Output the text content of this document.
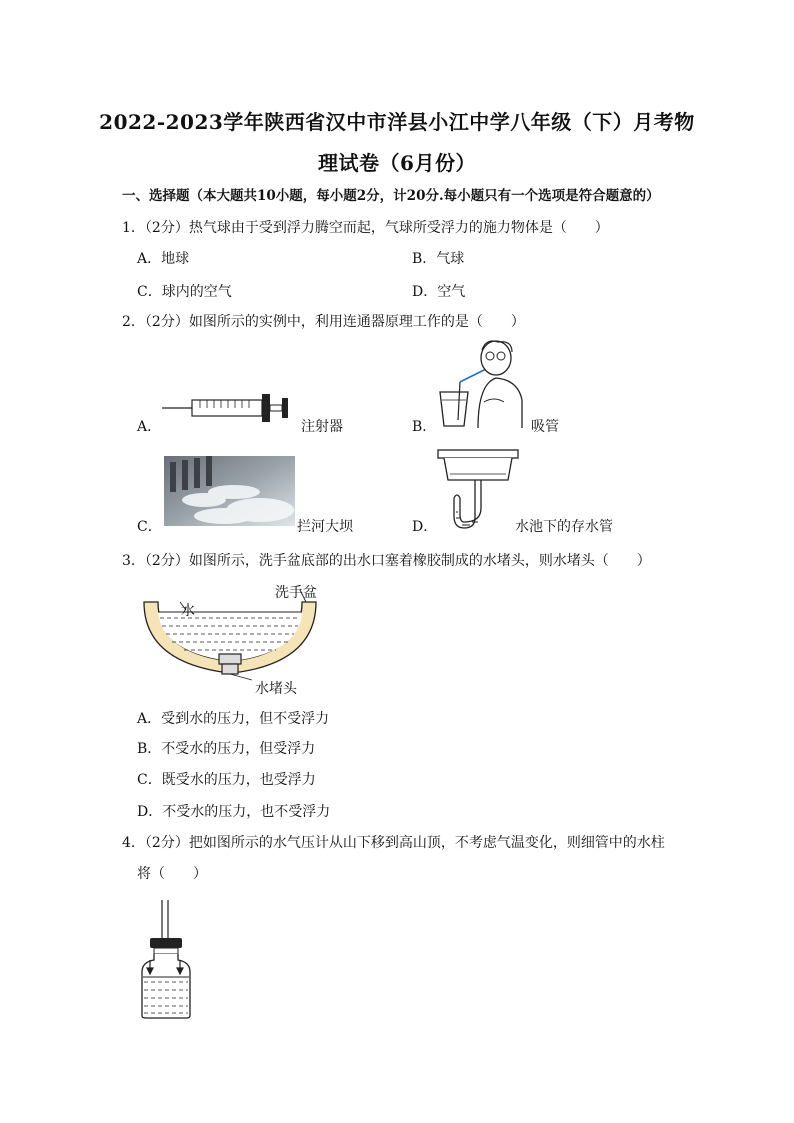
2022-2023学年陕西省汉中市洋县小江中学八年级（下）月考物
理试卷（6月份）
一、选择题（本大题共10小题，每小题2分，计20分.每小题只有一个选项是符合题意的）
1．（2分）热气球由于受到浮力腾空而起，气球所受浮力的施力物体是（　　）
A．地球	B．气球
C．球内的空气	D．空气
2．（2分）如图所示的实例中，利用连通器原理工作的是（　　）
A．	注射器	B．	吸管
C．	拦河大坝	D．	水池下的存水管
3．（2分）如图所示，洗手盆底部的出水口塞着橡胶制成的水堵头，则水堵头（　　）
洗手盆
水
水堵头
A．受到水的压力，但不受浮力
B．不受水的压力，但受浮力
C．既受水的压力，也受浮力
D．不受水的压力，也不受浮力
4．（2分）把如图所示的水气压计从山下移到高山顶，不考虑气温变化，则细管中的水柱
将（　　）
